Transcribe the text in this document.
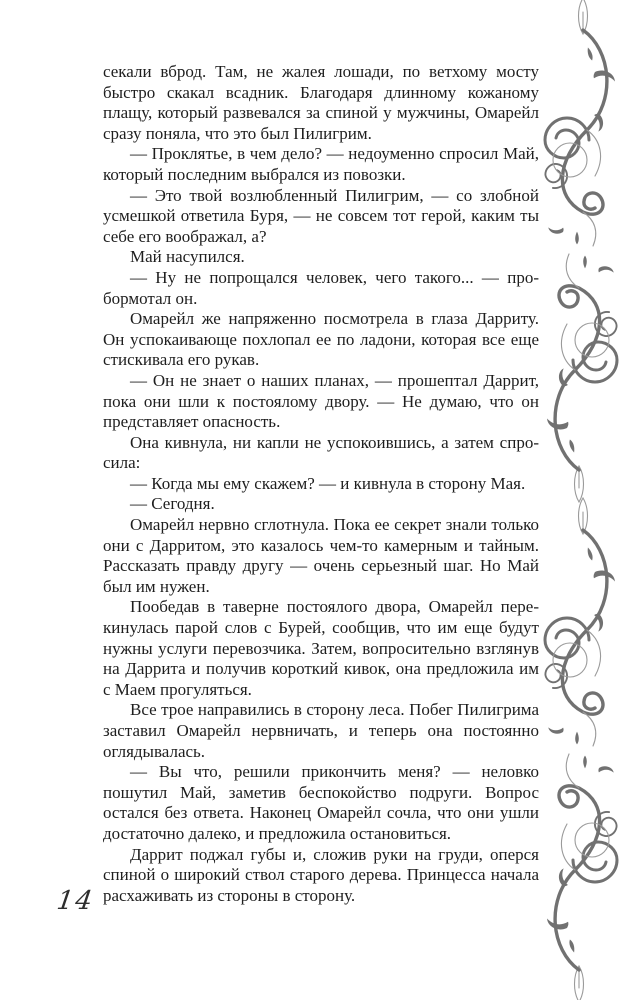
секали вброд. Там, не жалея лошади, по ветхому мосту быстро скакал всадник. Благодаря длинному кожаному плащу, который развевался за спиной у мужчины, Омарейл сразу поняла, что это был Пилигрим.

— Проклятье, в чем дело? — недоуменно спросил Май, который последним выбрался из повозки.

— Это твой возлюбленный Пилигрим, — со злобной усмешкой ответила Буря, — не совсем тот герой, каким ты себе его воображал, а?

Май насупился.

— Ну не попрощался человек, чего такого... — пробормотал он.

Омарейл же напряженно посмотрела в глаза Дарриту. Он успокаивающе похлопал ее по ладони, которая все еще стискивала его рукав.

— Он не знает о наших планах, — прошептал Даррит, пока они шли к постоялому двору. — Не думаю, что он представляет опасность.

Она кивнула, ни капли не успокоившись, а затем спросила:

— Когда мы ему скажем? — и кивнула в сторону Мая.

— Сегодня.

Омарейл нервно сглотнула. Пока ее секрет знали только они с Дарритом, это казалось чем-то камерным и тайным. Рассказать правду другу — очень серьезный шаг. Но Май был им нужен.

Пообедав в таверне постоялого двора, Омарейл перекинулась парой слов с Бурей, сообщив, что им еще будут нужны услуги перевозчика. Затем, вопросительно взглянув на Даррита и получив короткий кивок, она предложила им с Маем прогуляться.

Все трое направились в сторону леса. Побег Пилигрима заставил Омарейл нервничать, и теперь она постоянно оглядывалась.

— Вы что, решили прикончить меня? — неловко пошутил Май, заметив беспокойство подруги. Вопрос остался без ответа. Наконец Омарейл сочла, что они ушли достаточно далеко, и предложила остановиться.

Даррит поджал губы и, сложив руки на груди, оперся спиной о широкий ствол старого дерева. Принцесса начала расхаживать из стороны в сторону.

14
